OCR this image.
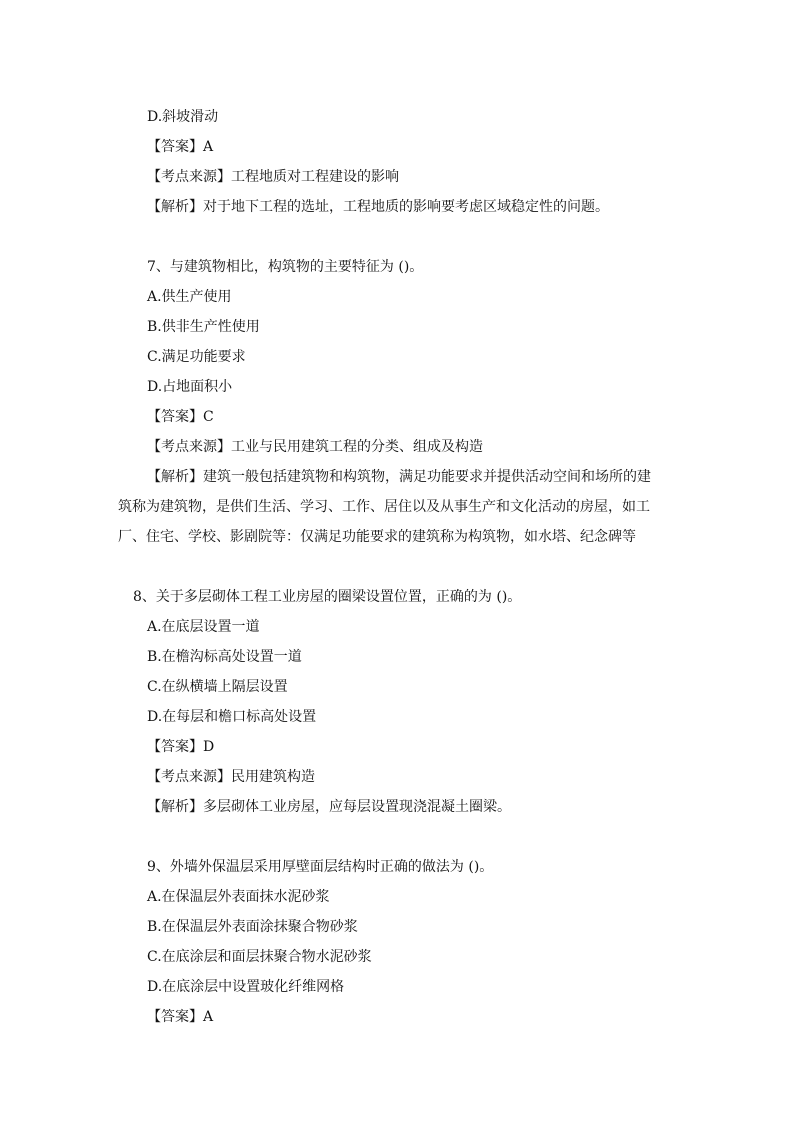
D.斜坡滑动
【答案】A
【考点来源】工程地质对工程建设的影响
【解析】对于地下工程的选址，工程地质的影响要考虑区域稳定性的问题。
7、与建筑物相比，构筑物的主要特征为 ()。
A.供生产使用
B.供非生产性使用
C.满足功能要求
D.占地面积小
【答案】C
【考点来源】工业与民用建筑工程的分类、组成及构造
【解析】建筑一般包括建筑物和构筑物，满足功能要求并提供活动空间和场所的建
筑称为建筑物，是供们生活、学习、工作、居住以及从事生产和文化活动的房屋，如工
厂、住宅、学校、影剧院等：仅满足功能要求的建筑称为构筑物，如水塔、纪念碑等
8、关于多层砌体工程工业房屋的圈梁设置位置，正确的为 ()。
A.在底层设置一道
B.在檐沟标高处设置一道
C.在纵横墙上隔层设置
D.在每层和檐口标高处设置
【答案】D
【考点来源】民用建筑构造
【解析】多层砌体工业房屋，应每层设置现浇混凝土圈梁。
9、外墙外保温层采用厚壁面层结构时正确的做法为 ()。
A.在保温层外表面抹水泥砂浆
B.在保温层外表面涂抹聚合物砂浆
C.在底涂层和面层抹聚合物水泥砂浆
D.在底涂层中设置玻化纤维网格
【答案】A
